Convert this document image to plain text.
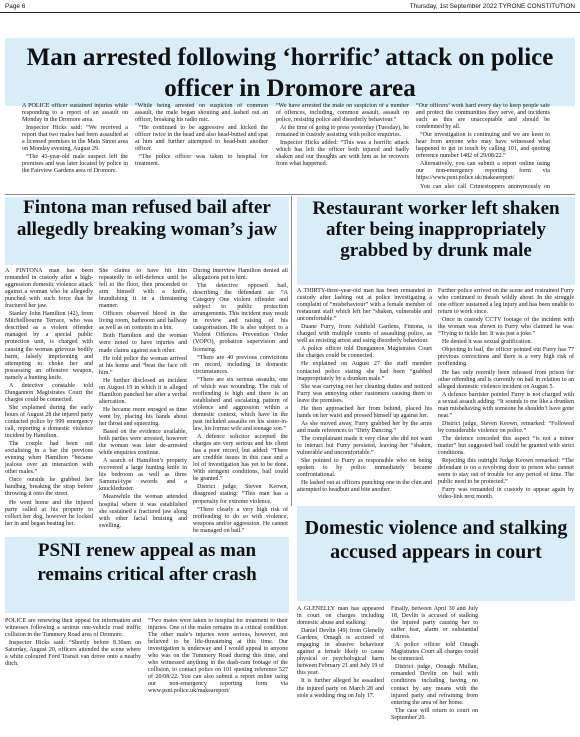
Page 6	Thursday, 1st September 2022 TYRONE CONSTITUTION
Man arrested following ‘horrific’ attack on police officer in Dromore area

A POLICE officer sustained injuries while responding to a report of an assault on Monday in the Dromore area.

Inspector Hicks said: “We received a report that two males had been assaulted at a licensed premises in the Main Street area on Monday evening, August 29.

“The 43-year-old male suspect left the premises and was later located by police in the Fairview Gardens area of Dromore.

“While being arrested on suspicion of common assault, the male began shouting and lashed out an officer, breaking his radio mic.

“He continued to be aggressive and kicked the officer twice in the head and also head-butted and spat at him and further attempted to head-butt another officer.

“The police officer was taken to hospital for treatment.

“We have arrested the male on suspicion of a number of offences, including, common assault, assault on police, resisting police and disorderly behaviour.”

At the time of going to press yesterday (Tuesday), he remained in custody assisting with police enquiries.

Inspector Hicks added: “This was a horrific attack which has left the officer both injured and badly shaken and our thoughts are with him as he recovers from what happened.

“Our officers’ work hard every day to keep people safe and protect the communities they serve, and incidents such as this are unacceptable and should be condemned by all.

“Our investigation is continuing and we are keen to hear from anyone who may have witnessed what happened to get in touch by calling 101, and quoting reference number 1482 of 29/08/22.”

Alternatively, you can submit a report online using our non-emergency reporting form via https://www.psni.police.uk/makeareport/

You can also call Crimestoppers anonymously on

Fintona man refused bail after allegedly breaking woman’s jaw

A FINTONA man has been remanded in custody after a high-aggression domestic violence attack against a woman who he allegedly punched with such force that he fractured her jaw.

Stanley John Hamilton (42), from Mitchellbourne Terrace, who was described as a violent offender managed by a special public protection unit, is charged with causing the woman grievous bodily harm, falsely imprisoning and attempting to choke her and possessing an offensive weapon, namely a hunting knife.

A detective constable told Dungannon Magistrates Court the charges could be connected.

She explained during the early hours of August 28 the injured party contacted police by 999 emergency call, reporting a domestic violence incident by Hamilton.

The couple had been out socialising in a bar the previous evening when Hamilton “became jealous over an interaction with other males.”

Once outside he grabbed her handbag, breaking the strap before throwing it onto the street.

He went home and the injured party called at his property to collect her dog, however he locked her in and began beating her.

She claims to have hit him repeatedly in self-defence until he fell to the floor, then proceeded to arm himself with a knife, brandishing it in a threatening manner.

Officers observed blood in the living room, bathroom and hallway as well as on contents in a bin.

Both Hamilton and the woman were noted to have injuries and made claims against each other.

He told police the woman arrived at his home and “beat the face off him.”

He further disclosed an incident on August 19 in which it is alleged Hamilton punched her after a verbal altercation.

He became more enraged as time went by, placing his hands about her throat and squeezing.

Based on the evidence available, both parties were arrested, however the woman was later de-arrested while enquiries continue.

A search of Hamilton’s property recovered a large hunting knife in his bedroom as well as three Samurai-type swords and a knuckleduster.

Meanwhile the woman attended hospital where it was established she sustained a fractured jaw along with other facial bruising and swelling.

During interview Hamilton denied all allegations put to him.

The detective opposed bail, describing the defendant as: “A Category One violent offender and subject to public protection arrangements. This incident may result in review and raising of his categorisation. He is also subject to a Violent Offences Prevention Order (VOPO), probation supervision and licensing.

“There are 40 previous convictions on record, including in domestic circumstances.

“There are six serious assaults, one of which was wounding. The risk of reoffending is high and there is an established and escalating pattern of violence and aggression within a domestic context, which have in the past included assaults on his sister-in-law, his former wife and teenage son.”

A defence solicitor accepted the charges are very serious and his client has a poor record, but added: “There are credible issues in this case and a lot of investigation has yet to be done. With stringent conditions, bail could be granted.”

District judge, Steven Keown, disagreed stating: “This man has a propensity for extreme violence.

“There clearly a very high risk of reoffending to do so with violence, weapons and/or aggression. He cannot be managed on bail.”

Restaurant worker left shaken after being inappropriately grabbed by drunk male

A THIRTY-three-year-old man has been remanded in custody after lashing out at police investigating a complaint of “misbehaviour” with a female member of restaurant staff which left her “shaken, vulnerable and uncomfortable.”

Duane Furry, from Ashfield Gardens, Fintona, is charged with multiple counts of assaulting police, as well as resisting arrest and using disorderly behaviour.

A police officer told Dungannon Magistrates Court the charges could be connected.

He explained on August 27 the staff member contacted police stating she had been “grabbed inappropriately by a drunken male.”

She was carrying out her cleaning duties and noticed Furry was annoying other customers causing them to leave the premises.

He then approached her from behind, placed his hands on her waist and pressed himself up against her.

As she moved away, Furry grabbed her by the arms and made references to “Dirty Dancing.”

The complainant made it very clear she did not want to interact but Furry persisted, leaving her “shaken, vulnerable and uncomfortable.”

She pointed to Furry as responsible who on being spoken to by police immediately became confrontational.

He lashed out at officers punching one in the chin and attempted to headbutt and bite another.

Further police arrived on the scene and restrained Furry who continued to thrash wildly about. In the struggle one officer sustained a leg injury and has been unable to return to work since.

Once in custody CCTV footage of the incident with the woman was shown to Furry who claimed he was: “Trying to tickle her. It was just a joke.”

He denied it was sexual gratification.

Objecting to bail, the officer pointed out Furry has 77 previous convictions and there is a very high risk of reoffending.

He has only recently been released from prison for other offending and is currently on bail in relation to an alleged domestic violence incident on August 5.

A defence barrister pointed Furry is not charged with a sexual assault adding: “It sounds to me like a drunken man misbehaving with someone he shouldn’t have gone near.”

District judge, Steven Keown, remarked: “Followed by considerable violence on police.”

The defence conceded this aspect “is not a minor matter” but suggested bail could be granted with strict conditions.

Rejecting this outright Judge Keown remarked: “The defendant is on a revolving door to prison who cannot seem to stay out of trouble for any period of time. The public need to be protected.”

Furry was remanded in custody to appear again by video-link next month.

PSNI renew appeal as man remains critical after crash

POLICE are renewing their appeal for information and witnesses following a serious one-vehicle road traffic collision in the Tummery Road area of Dromore.

Inspector Hicks said: “Shortly before 8.30am on Saturday, August 20, officers attended the scene where a white coloured Ford Transit van drove onto a nearby ditch.

“Two males were taken to hospital for treatment to their injuries. One of the males remains in a critical condition. The other male’s injuries were serious, however, not believed to be life-threatening at this time. Our investigation is underway and I would appeal to anyone who was on the Tummery Road during this time, and who witnessed anything in the dash-cam footage of the collision, to contact police on 101 quoting reference 527 of 20/08/22. You can also submit a report online using our non-emergency reporting form via www.psni.police.uk/makeareport/

Domestic violence and stalking accused appears in court

A GLENELLY man has appeared in court on charges including domestic abuse and stalking.

Daniel Devlin (49) from Glenelly Gardens, Omagh is accused of engaging in abusive behaviour against a female likely to cause physical or psychological harm between February 21 and July 19 of this year.

It is further alleged he assaulted the injured party on March 28 and stole a wedding ring on July 17.

Finally, between April 30 and July 18, Devlin is accused of stalking the injured party causing her to suffer fear, alarm or substantial distress.

A police officer told Omagh Magistrates Court all charges could be connected.

District judge, Oonagh Mullan, remanded Devlin on bail with conditions including having no contact by any means with the injured party and refraining from entering the area of her home.

The case will return to court on September 20.
